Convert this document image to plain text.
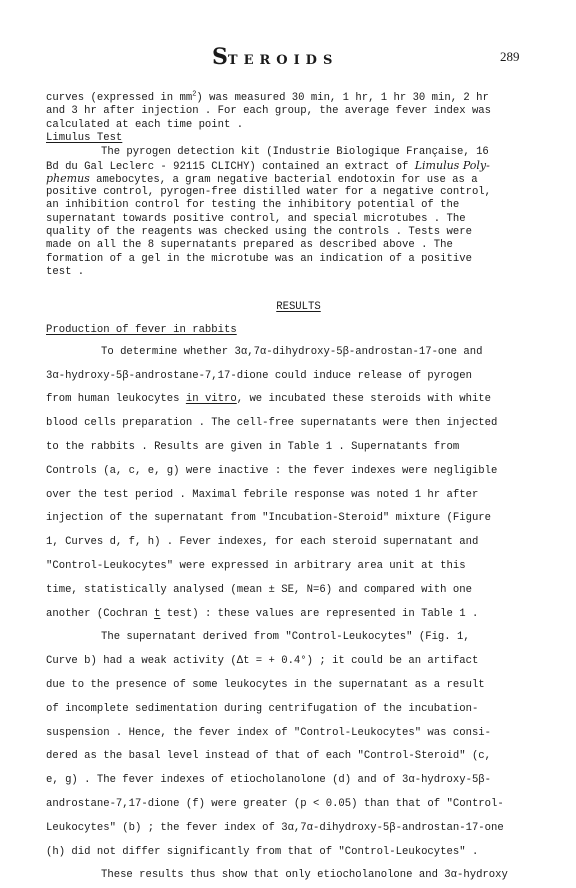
STEROIDS	289
curves (expressed in $mm^2$) was measured 30 min, 1 hr, 1 hr 30 min, 2 hr
and 3 hr after injection . For each group, the average fever index was
calculated at each time point .
Limulus Test
The pyrogen detection kit (Industrie Biologique Française, 16
Bd du Gal Leclerc - 92115 CLICHY) contained an extract of Limulus Poly-
phemus amebocytes, a gram negative bacterial endotoxin for use as a
positive control, pyrogen-free distilled water for a negative control,
an inhibition control for testing the inhibitory potential of the
supernatant towards positive control, and special microtubes . The
quality of the reagents was checked using the controls . Tests were
made on all the 8 supernatants prepared as described above . The
formation of a gel in the microtube was an indication of a positive
test .
RESULTS
Production of fever in rabbits
To determine whether 3α,7α-dihydroxy-5β-androstan-17-one and
3α-hydroxy-5β-androstane-7,17-dione could induce release of pyrogen
from human leukocytes in vitro, we incubated these steroids with white
blood cells preparation . The cell-free supernatants were then injected
to the rabbits . Results are given in Table 1 . Supernatants from
Controls (a, c, e, g) were inactive : the fever indexes were negligible
over the test period . Maximal febrile response was noted 1 hr after
injection of the supernatant from "Incubation-Steroid" mixture (Figure
1, Curves d, f, h) . Fever indexes, for each steroid supernatant and
"Control-Leukocytes" were expressed in arbitrary area unit at this
time, statistically analysed (mean ± SE, N=6) and compared with one
another (Cochran t test) : these values are represented in Table 1 .
The supernatant derived from "Control-Leukocytes" (Fig. 1,
Curve b) had a weak activity (Δt = + 0.4°) ; it could be an artifact
due to the presence of some leukocytes in the supernatant as a result
of incomplete sedimentation during centrifugation of the incubation-
suspension . Hence, the fever index of "Control-Leukocytes" was consi-
dered as the basal level instead of that of each "Control-Steroid" (c,
e, g) . The fever indexes of etiocholanolone (d) and of 3α-hydroxy-5β-
androstane-7,17-dione (f) were greater (p < 0.05) than that of "Control-
Leukocytes" (b) ; the fever index of 3α,7α-dihydroxy-5β-androstan-17-one
(h) did not differ significantly from that of "Control-Leukocytes" .
These results thus show that only etiocholanolone and 3α-hydroxy
